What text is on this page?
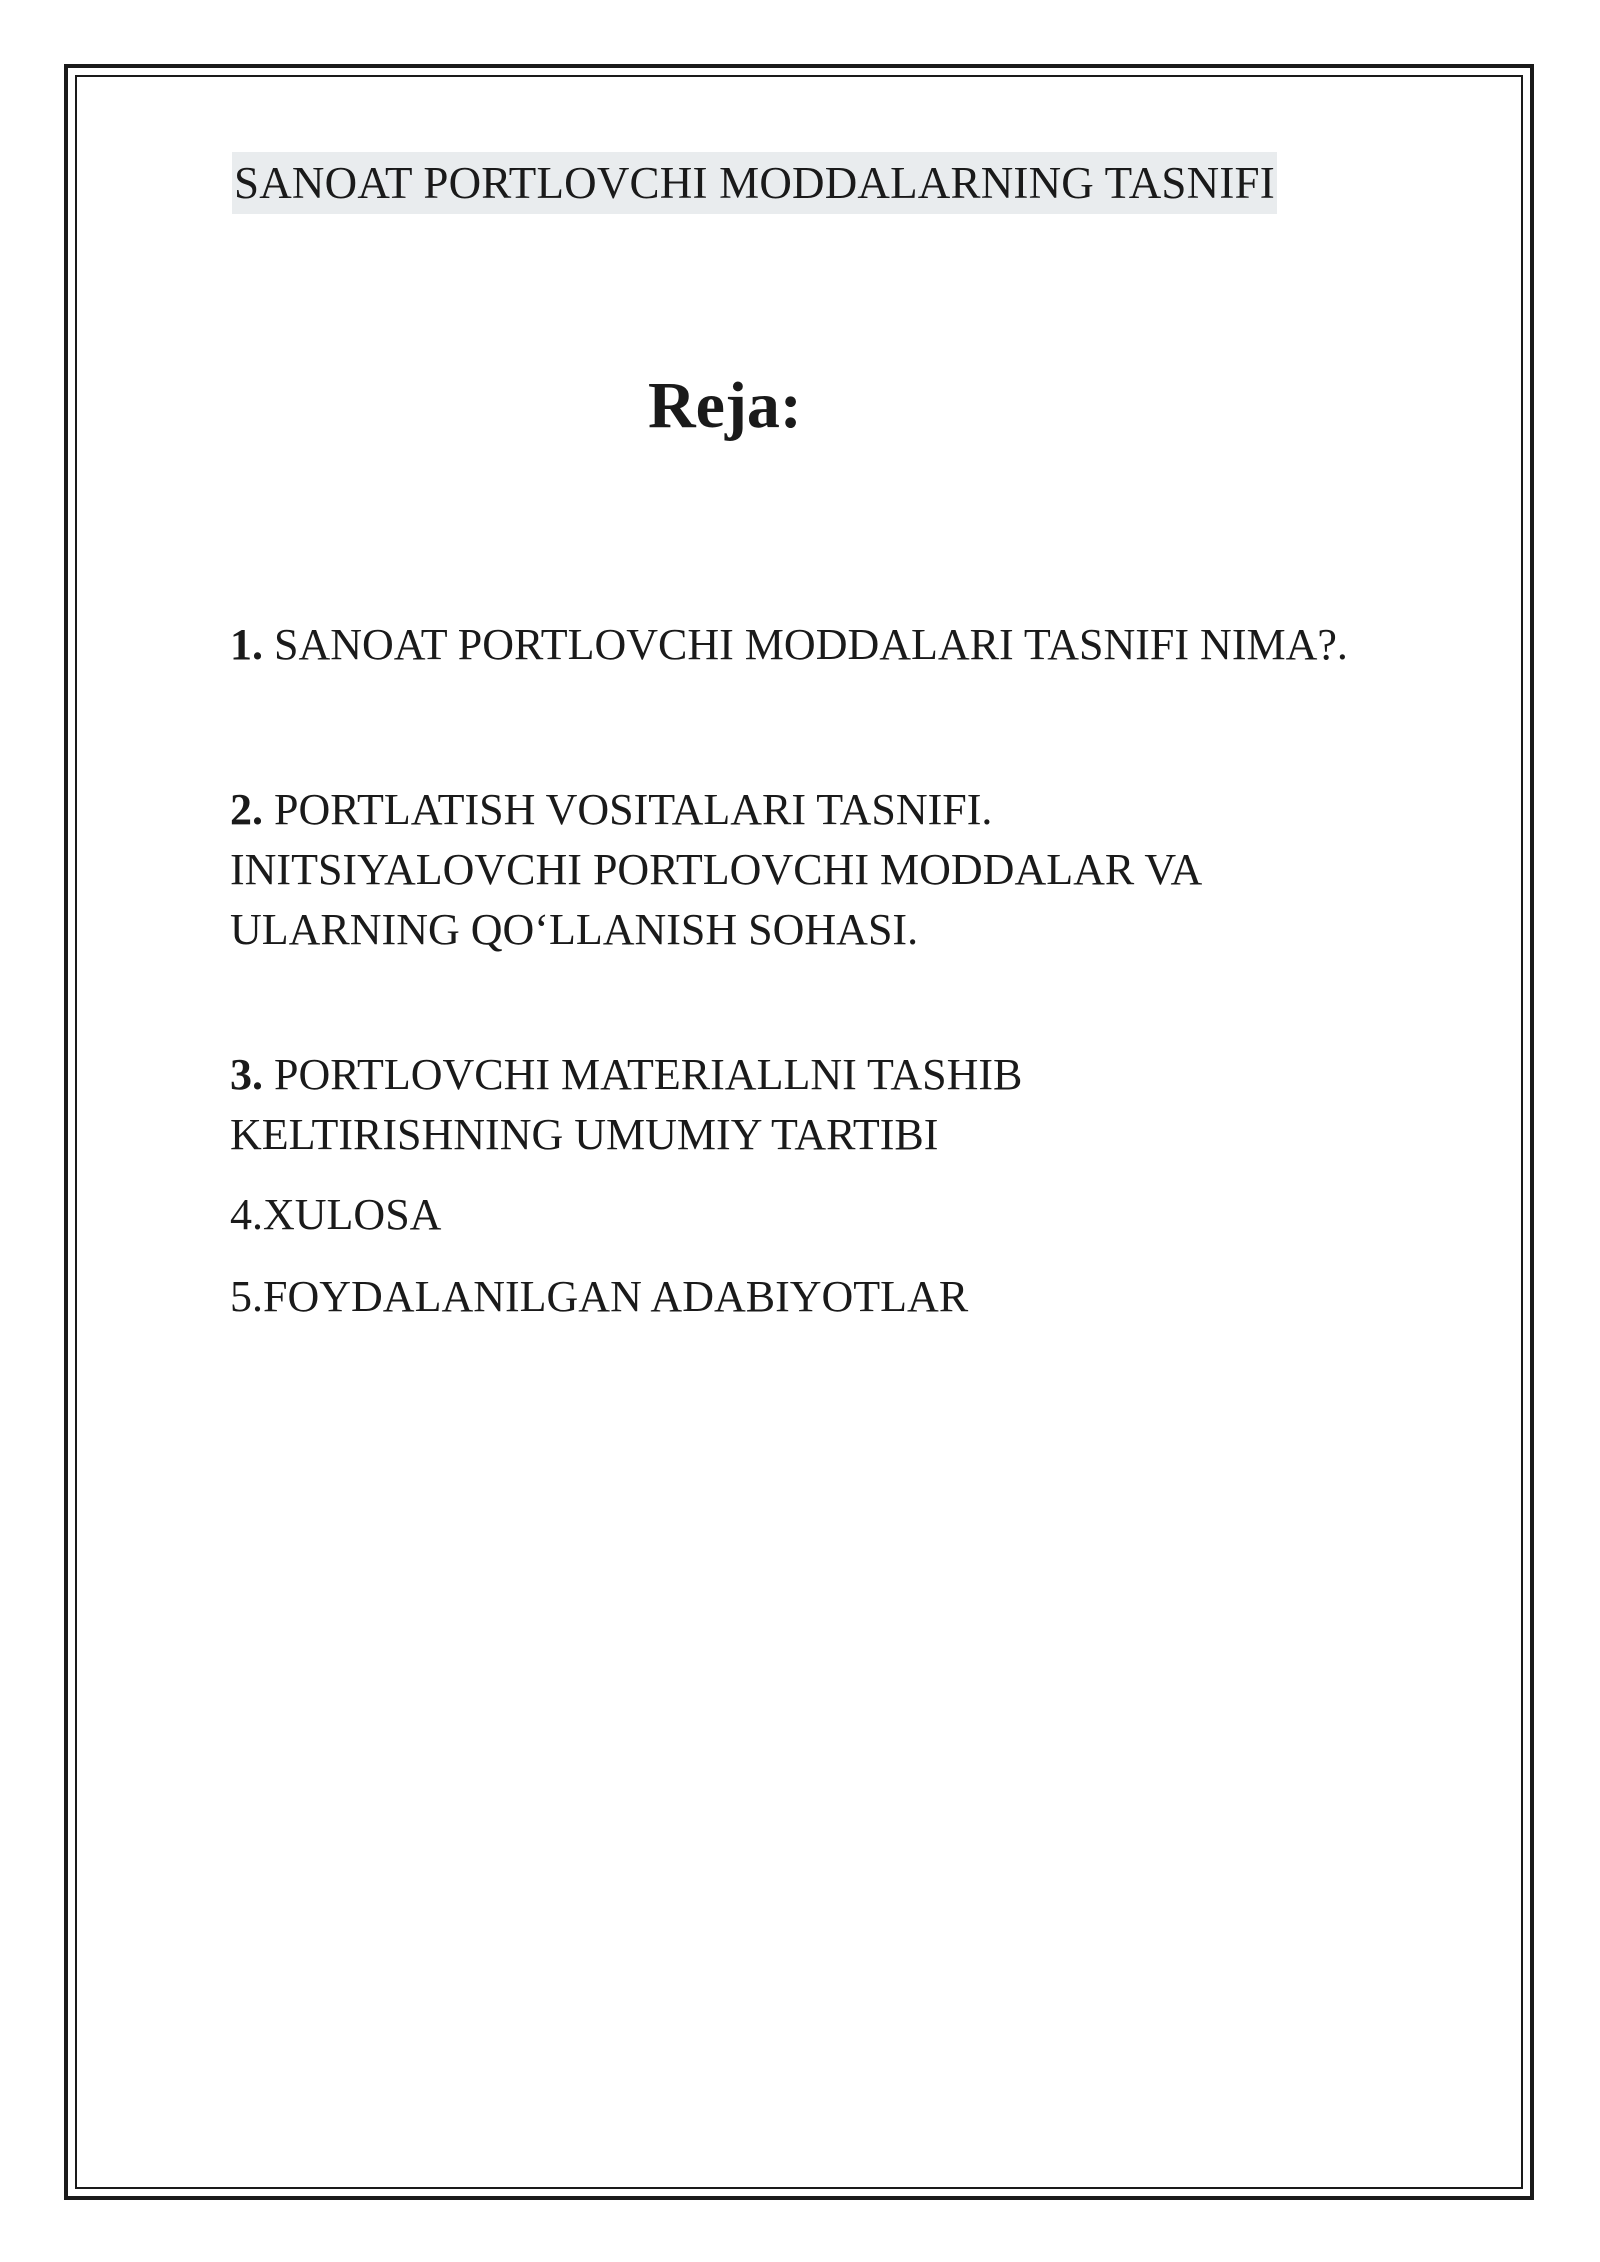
SANOAT PORTLOVCHI MODDALARNING TASNIFI
Reja:
1. SANOAT PORTLOVCHI MODDALARI TASNIFI NIMA?.
2. PORTLATISH VOSITALARI TASNIFI.
INITSIYALOVCHI PORTLOVCHI MODDALAR VA
ULARNING QO‘LLANISH SOHASI.
3. PORTLOVCHI MATERIALLNI TASHIB
KELTIRISHNING UMUMIY TARTIBI
4.XULOSA
5.FOYDALANILGAN ADABIYOTLAR
